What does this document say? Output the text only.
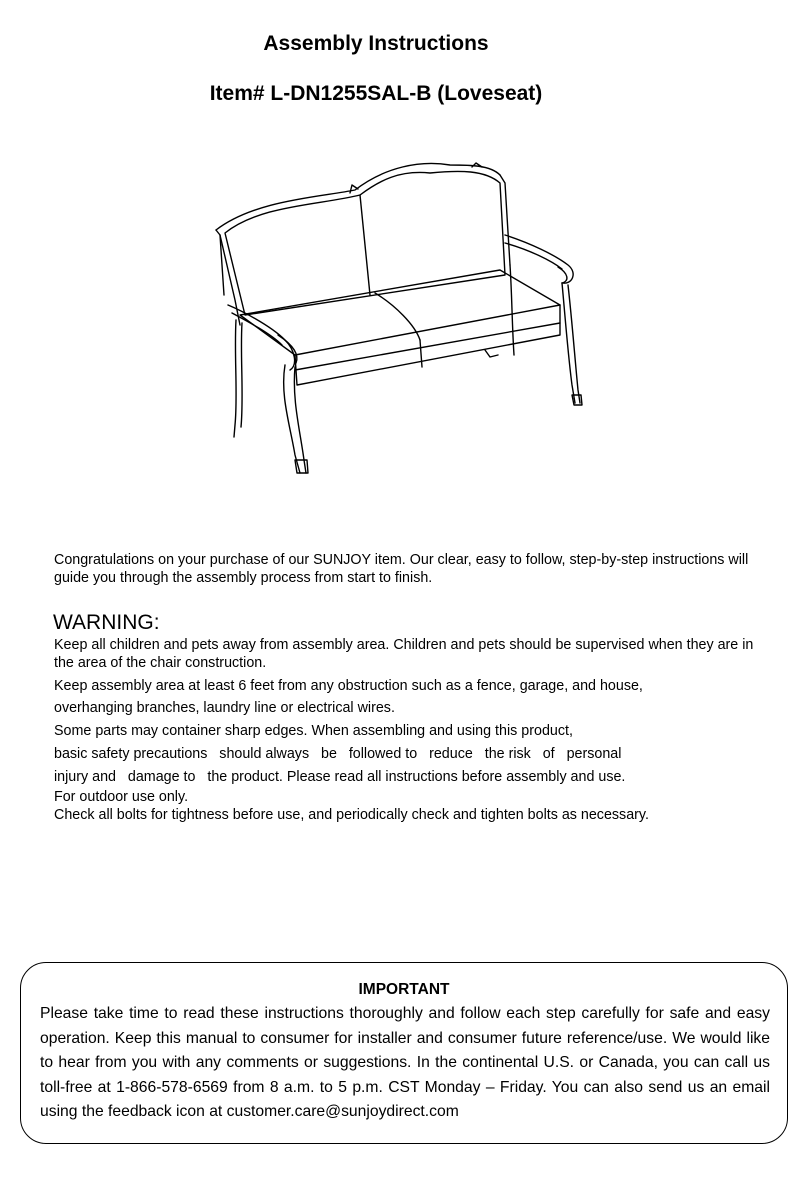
Assembly Instructions
Item# L-DN1255SAL-B (Loveseat)

Congratulations on your purchase of our SUNJOY item. Our clear, easy to follow, step-by-step instructions will guide you through the assembly process from start to finish.

WARNING:

Keep all children and pets away from assembly area. Children and pets should be supervised when they are in the area of the chair construction.

Keep assembly area at least 6 feet from any obstruction such as a fence, garage, and house,

overhanging branches, laundry line or electrical wires.

Some parts may container sharp edges. When assembling and using this product,

basic safety precautions   should always   be   followed to   reduce   the risk   of   personal

injury and   damage to   the product. Please read all instructions before assembly and use.

For outdoor use only.

Check all bolts for tightness before use, and periodically check and tighten bolts as necessary.

IMPORTANT

Please take time to read these instructions thoroughly and follow each step carefully for safe and easy operation. Keep this manual to consumer for installer and consumer future reference/use. We would like to hear from you with any comments or suggestions. In the continental U.S. or Canada, you can call us toll-free at 1-866-578-6569 from 8 a.m. to 5 p.m. CST Monday – Friday. You can also send us an email using the feedback icon at customer.care@sunjoydirect.com
